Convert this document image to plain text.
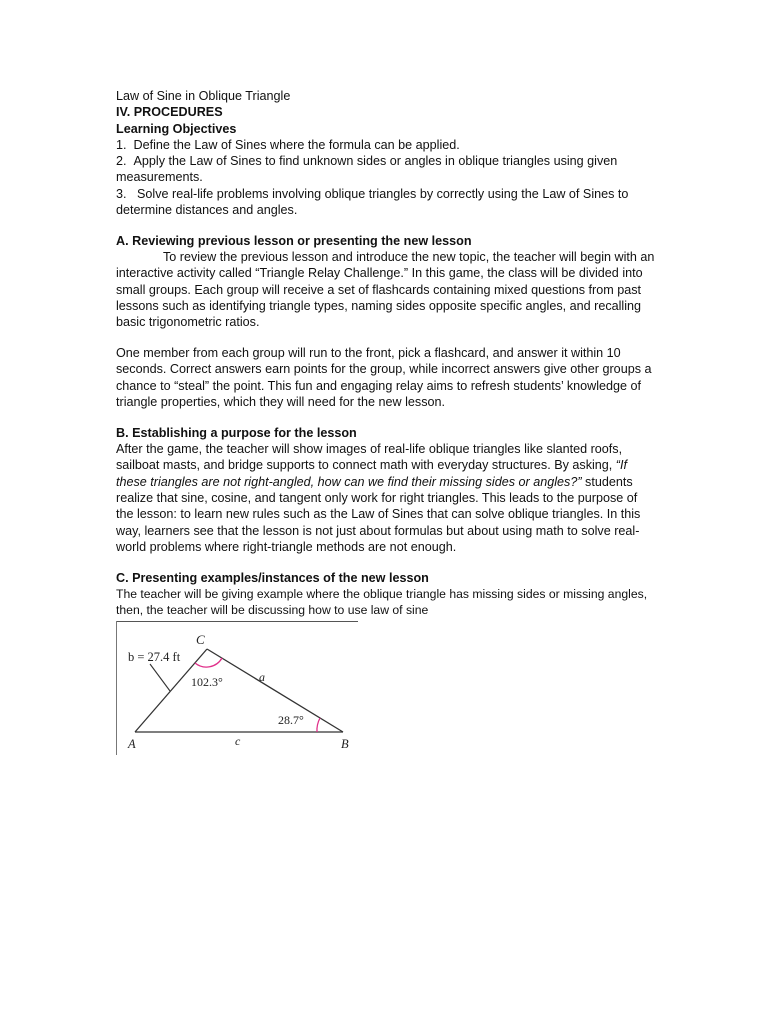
Law of Sine in Oblique Triangle

IV. PROCEDURES

Learning Objectives

1. Define the Law of Sines where the formula can be applied.

2. Apply the Law of Sines to find unknown sides or angles in oblique triangles using given measurements.

3. Solve real-life problems involving oblique triangles by correctly using the Law of Sines to determine distances and angles.

A. Reviewing previous lesson or presenting the new lesson

To review the previous lesson and introduce the new topic, the teacher will begin with an interactive activity called “Triangle Relay Challenge.” In this game, the class will be divided into small groups. Each group will receive a set of flashcards containing mixed questions from past lessons such as identifying triangle types, naming sides opposite specific angles, and recalling basic trigonometric ratios.

One member from each group will run to the front, pick a flashcard, and answer it within 10 seconds. Correct answers earn points for the group, while incorrect answers give other groups a chance to “steal” the point. This fun and engaging relay aims to refresh students’ knowledge of triangle properties, which they will need for the new lesson.

B. Establishing a purpose for the lesson

After the game, the teacher will show images of real-life oblique triangles like slanted roofs, sailboat masts, and bridge supports to connect math with everyday structures. By asking, “If these triangles are not right-angled, how can we find their missing sides or angles?” students realize that sine, cosine, and tangent only work for right triangles. This leads to the purpose of the lesson: to learn new rules such as the Law of Sines that can solve oblique triangles. In this way, learners see that the lesson is not just about formulas but about using math to solve real-world problems where right-triangle methods are not enough.

C. Presenting examples/instances of the new lesson

The teacher will be giving example where the oblique triangle has missing sides or missing angles, then, the teacher will be discussing how to use law of sine

b = 27.4 ft
C
102.3°	a
28.7°
A	c	B
